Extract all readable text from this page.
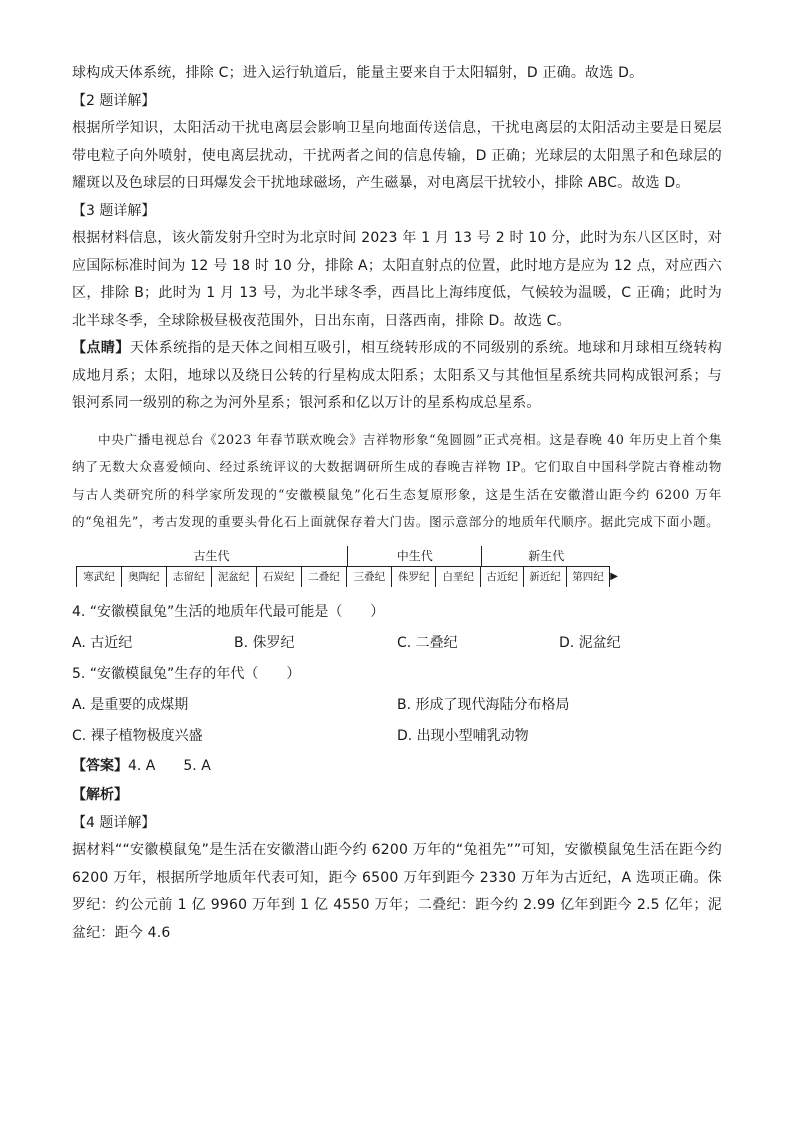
球构成天体系统，排除 C；进入运行轨道后，能量主要来自于太阳辐射，D 正确。故选 D。

【2 题详解】

根据所学知识，太阳活动干扰电离层会影响卫星向地面传送信息，干扰电离层的太阳活动主要是日冕层带电粒子向外喷射，使电离层扰动，干扰两者之间的信息传输，D 正确；光球层的太阳黑子和色球层的耀斑以及色球层的日珥爆发会干扰地球磁场，产生磁暴，对电离层干扰较小，排除 ABC。故选 D。

【3 题详解】

根据材料信息，该火箭发射升空时为北京时间 2023 年 1 月 13 号 2 时 10 分，此时为东八区区时，对应国际标准时间为 12 号 18 时 10 分，排除 A；太阳直射点的位置，此时地方是应为 12 点，对应西六区，排除 B；此时为 1 月 13 号，为北半球冬季，西昌比上海纬度低，气候较为温暖，C 正确；此时为北半球冬季，全球除极昼极夜范围外，日出东南，日落西南，排除 D。故选 C。

【点睛】天体系统指的是天体之间相互吸引，相互绕转形成的不同级别的系统。地球和月球相互绕转构成地月系；太阳，地球以及绕日公转的行星构成太阳系；太阳系又与其他恒星系统共同构成银河系；与银河系同一级别的称之为河外星系；银河系和亿以万计的星系构成总星系。

中央广播电视总台《2023 年春节联欢晚会》吉祥物形象“兔圆圆”正式亮相。这是春晚 40 年历史上首个集纳了无数大众喜爱倾向、经过系统评议的大数据调研所生成的春晚吉祥物 IP。它们取自中国科学院古脊椎动物与古人类研究所的科学家所发现的“安徽模鼠兔”化石生态复原形象，这是生活在安徽潜山距今约 6200 万年的“兔祖先”，考古发现的重要头骨化石上面就保存着大门齿。图示意部分的地质年代顺序。据此完成下面小题。

古生代	中生代	新生代
寒武纪	奥陶纪	志留纪	泥盆纪	石炭纪	二叠纪	三叠纪	侏罗纪	白垩纪	古近纪	新近纪	第四纪 ▶

4. “安徽模鼠兔”生活的地质年代最可能是（　　）

A. 古近纪	B. 侏罗纪	C. 二叠纪	D. 泥盆纪

5. “安徽模鼠兔”生存的年代（　　）

A. 是重要的成煤期	B. 形成了现代海陆分布格局
C. 裸子植物极度兴盛	D. 出现小型哺乳动物

【答案】4. A　　5. A

【解析】

【4 题详解】

据材料““安徽模鼠兔”是生活在安徽潜山距今约 6200 万年的“兔祖先””可知，安徽模鼠兔生活在距今约 6200 万年，根据所学地质年代表可知，距今 6500 万年到距今 2330 万年为古近纪，A 选项正确。侏罗纪：约公元前 1 亿 9960 万年到 1 亿 4550 万年；二叠纪：距今约 2.99 亿年到距今 2.5 亿年；泥盆纪：距今 4.6
